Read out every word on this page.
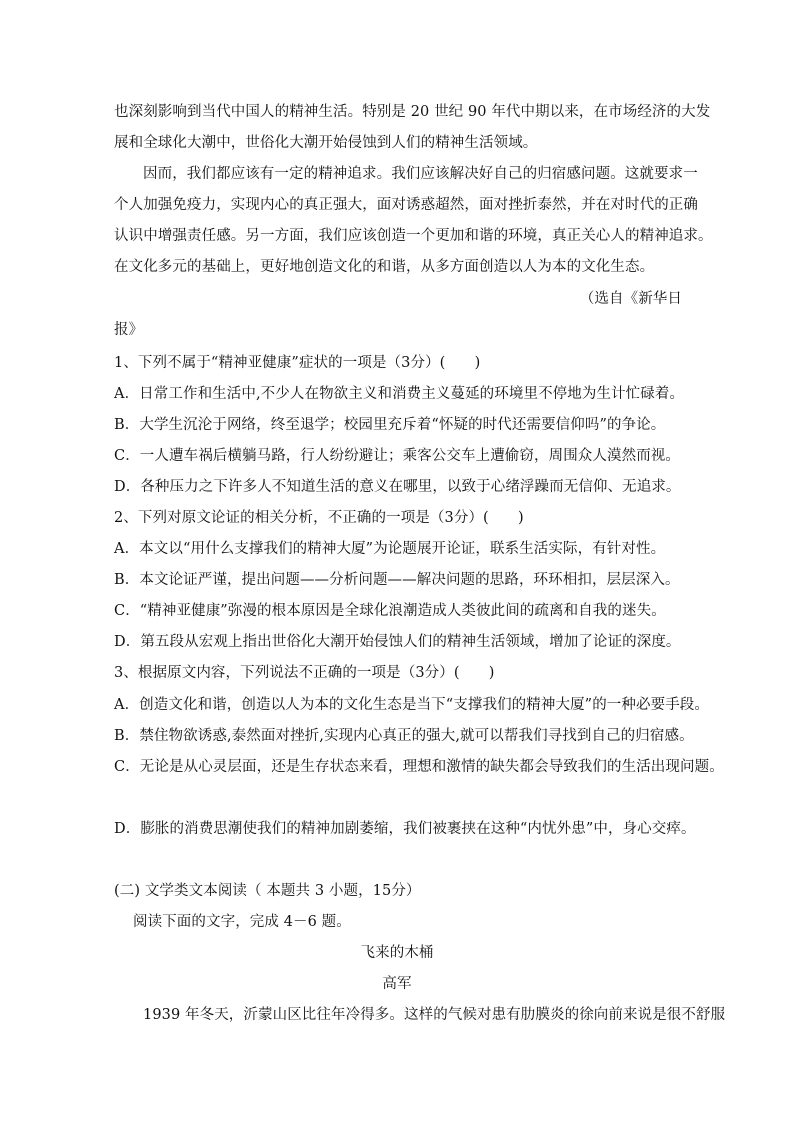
也深刻影响到当代中国人的精神生活。特别是 20 世纪 90 年代中期以来，在市场经济的大发
展和全球化大潮中，世俗化大潮开始侵蚀到人们的精神生活领域。
因而，我们都应该有一定的精神追求。我们应该解决好自己的归宿感问题。这就要求一
个人加强免疫力，实现内心的真正强大，面对诱惑超然，面对挫折泰然，并在对时代的正确
认识中增强责任感。另一方面，我们应该创造一个更加和谐的环境，真正关心人的精神追求。
在文化多元的基础上，更好地创造文化的和谐，从多方面创造以人为本的文化生态。
（选自《新华日
报》
1、下列不属于“精神亚健康”症状的一项是（3分）(　　)
A．日常工作和生活中,不少人在物欲主义和消费主义蔓延的环境里不停地为生计忙碌着。
B．大学生沉沦于网络，终至退学；校园里充斥着“怀疑的时代还需要信仰吗”的争论。
C．一人遭车祸后横躺马路，行人纷纷避让；乘客公交车上遭偷窃，周围众人漠然而视。
D．各种压力之下许多人不知道生活的意义在哪里，以致于心绪浮躁而无信仰、无追求。
2、下列对原文论证的相关分析，不正确的一项是（3分）(　　)
A．本文以“用什么支撑我们的精神大厦”为论题展开论证，联系生活实际，有针对性。
B．本文论证严谨，提出问题——分析问题——解决问题的思路，环环相扣，层层深入。
C．“精神亚健康”弥漫的根本原因是全球化浪潮造成人类彼此间的疏离和自我的迷失。
D．第五段从宏观上指出世俗化大潮开始侵蚀人们的精神生活领域，增加了论证的深度。
3、根据原文内容，下列说法不正确的一项是（3分）(　　)
A．创造文化和谐，创造以人为本的文化生态是当下“支撑我们的精神大厦”的一种必要手段。
B．禁住物欲诱惑,泰然面对挫折,实现内心真正的强大,就可以帮我们寻找到自己的归宿感。
C．无论是从心灵层面，还是生存状态来看，理想和激情的缺失都会导致我们的生活出现问题。
D．膨胀的消费思潮使我们的精神加剧萎缩，我们被裹挟在这种“内忧外患”中，身心交瘁。
(二) 文学类文本阅读（ 本题共 3 小题，15分）
阅读下面的文字，完成 4－6 题。
飞来的木桶
高军
1939 年冬天，沂蒙山区比往年冷得多。这样的气候对患有肋膜炎的徐向前来说是很不舒服
